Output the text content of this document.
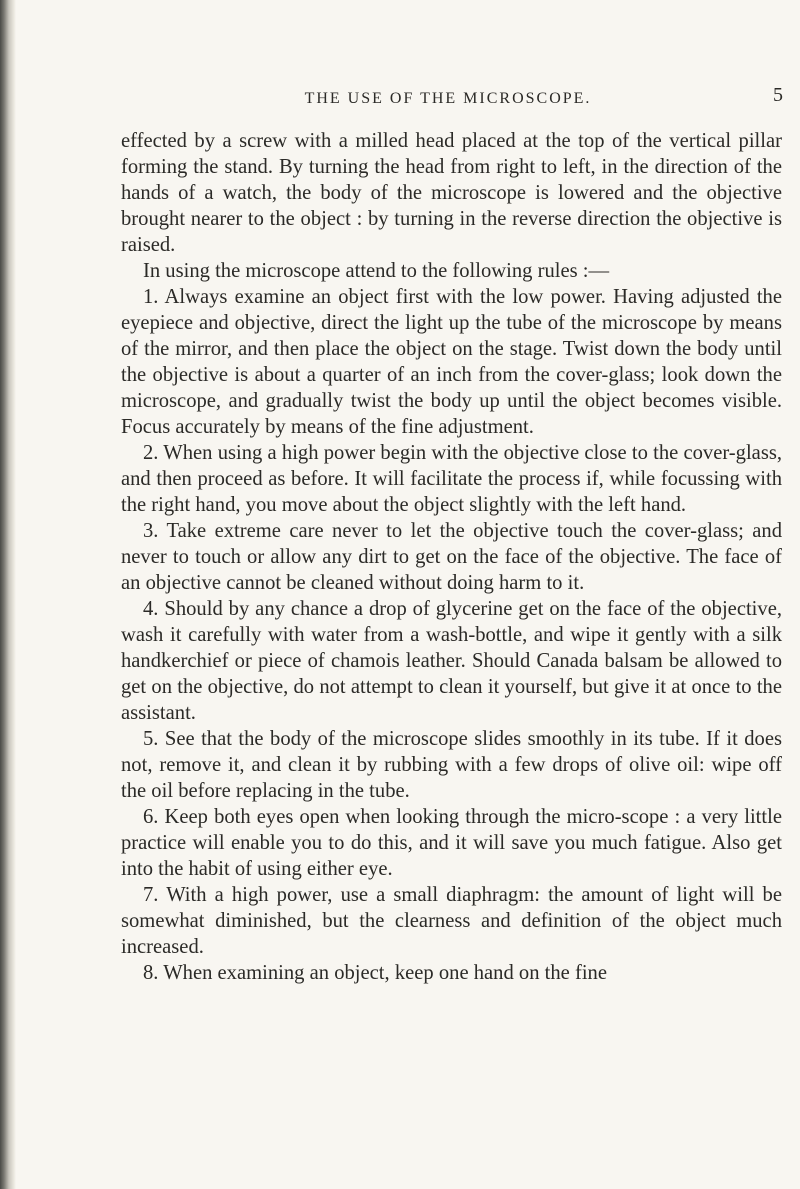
THE USE OF THE MICROSCOPE.	5

effected by a screw with a milled head placed at the top of the vertical pillar forming the stand. By turning the head from right to left, in the direction of the hands of a watch, the body of the microscope is lowered and the objective brought nearer to the object : by turning in the reverse direction the objective is raised.

In using the microscope attend to the following rules :—

1. Always examine an object first with the low power. Having adjusted the eyepiece and objective, direct the light up the tube of the microscope by means of the mirror, and then place the object on the stage. Twist down the body until the objective is about a quarter of an inch from the cover-glass; look down the microscope, and gradually twist the body up until the object becomes visible. Focus accurately by means of the fine adjustment.

2. When using a high power begin with the objective close to the cover-glass, and then proceed as before. It will facilitate the process if, while focussing with the right hand, you move about the object slightly with the left hand.

3. Take extreme care never to let the objective touch the cover-glass; and never to touch or allow any dirt to get on the face of the objective. The face of an objective cannot be cleaned without doing harm to it.

4. Should by any chance a drop of glycerine get on the face of the objective, wash it carefully with water from a wash-bottle, and wipe it gently with a silk handkerchief or piece of chamois leather. Should Canada balsam be allowed to get on the objective, do not attempt to clean it yourself, but give it at once to the assistant.

5. See that the body of the microscope slides smoothly in its tube. If it does not, remove it, and clean it by rubbing with a few drops of olive oil: wipe off the oil before replacing in the tube.

6. Keep both eyes open when looking through the micro-scope : a very little practice will enable you to do this, and it will save you much fatigue. Also get into the habit of using either eye.

7. With a high power, use a small diaphragm: the amount of light will be somewhat diminished, but the clearness and definition of the object much increased.

8. When examining an object, keep one hand on the fine
